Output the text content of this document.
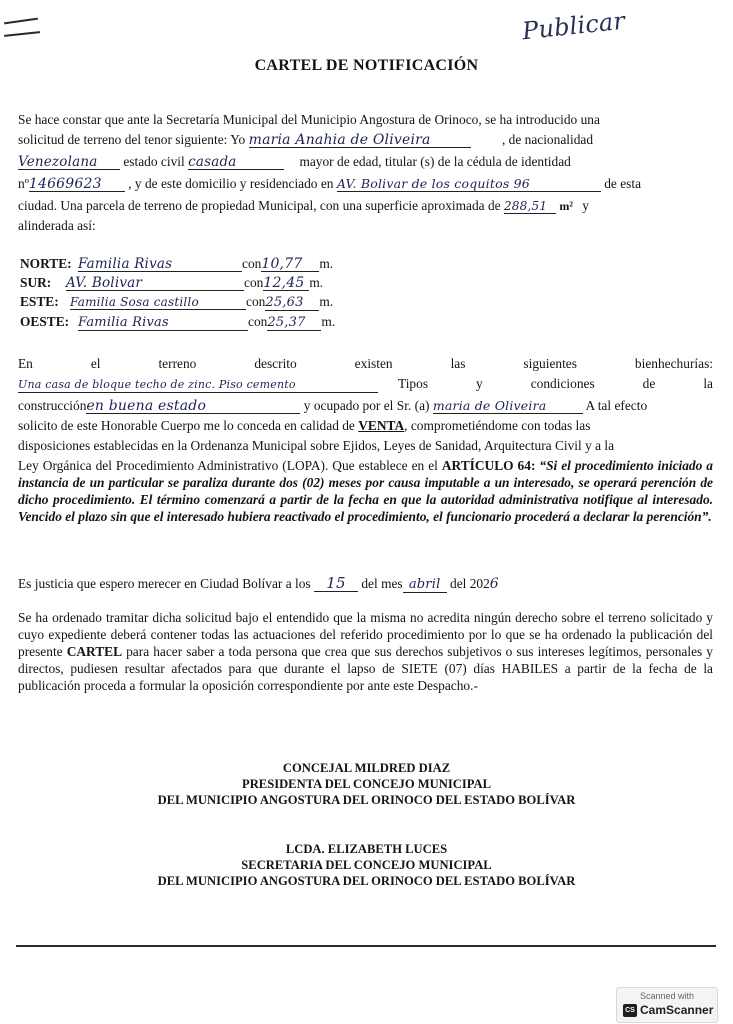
Publicar
CARTEL DE NOTIFICACIÓN
Se hace constar que ante la Secretaría Municipal del Municipio Angostura de Orinoco, se ha introducido una
solicitud de terreno del tenor siguiente: Yo maria Anahia de Oliveira	, de nacionalidad
Venezolana estado civil casada	mayor de edad, titular (s) de la cédula de identidad
nº14669623 , y de este domicilio y residenciado en AV. Bolivar de los coquitos 96	de esta
ciudad. Una parcela de terreno de propiedad Municipal, con una superficie aproximada de 288,51 m² y
alinderada así:
NORTE: Familia Rivas	con10,77 m.
SUR: AV. Bolivar	con12,45 m.
ESTE: Familia Sosa castillo	con25,63 m.
OESTE: Familia Rivas	con25,37 m.
En el terreno descrito existen las siguientes bienhechurías:
Una casa de bloque techo de zinc. Piso cemento	Tipos y condiciones de la
construcciónen buena estado	y ocupado por el Sr. (a) maria de Oliveira	A tal efecto
solicito de este Honorable Cuerpo me lo conceda en calidad de VENTA, comprometiéndome con todas las
disposiciones establecidas en la Ordenanza Municipal sobre Ejidos, Leyes de Sanidad, Arquitectura Civil y a la
Ley Orgánica del Procedimiento Administrativo (LOPA). Que establece en el ARTÍCULO 64: “Si el procedimiento iniciado a instancia de un particular se paraliza durante dos (02) meses por causa imputable a un interesado, se operará perención de dicho procedimiento. El término comenzará a partir de la fecha en que la autoridad administrativa notifique al interesado. Vencido el plazo sin que el interesado hubiera reactivado el procedimiento, el funcionario procederá a declarar la perención”.
Es justicia que espero merecer en Ciudad Bolívar a los 15 del mes abril del 2026
Se ha ordenado tramitar dicha solicitud bajo el entendido que la misma no acredita ningún derecho sobre el terreno solicitado y cuyo expediente deberá contener todas las actuaciones del referido procedimiento por lo que se ha ordenado la publicación del presente CARTEL para hacer saber a toda persona que crea que sus derechos subjetivos o sus intereses legítimos, personales y directos, pudiesen resultar afectados para que durante el lapso de SIETE (07) días HABILES a partir de la fecha de la publicación proceda a formular la oposición correspondiente por ante este Despacho.-
CONCEJAL MILDRED DIAZ
PRESIDENTA DEL CONCEJO MUNICIPAL
DEL MUNICIPIO ANGOSTURA DEL ORINOCO DEL ESTADO BOLÍVAR
LCDA. ELIZABETH LUCES
SECRETARIA DEL CONCEJO MUNICIPAL
DEL MUNICIPIO ANGOSTURA DEL ORINOCO DEL ESTADO BOLÍVAR
Scanned with
CS CamScanner
